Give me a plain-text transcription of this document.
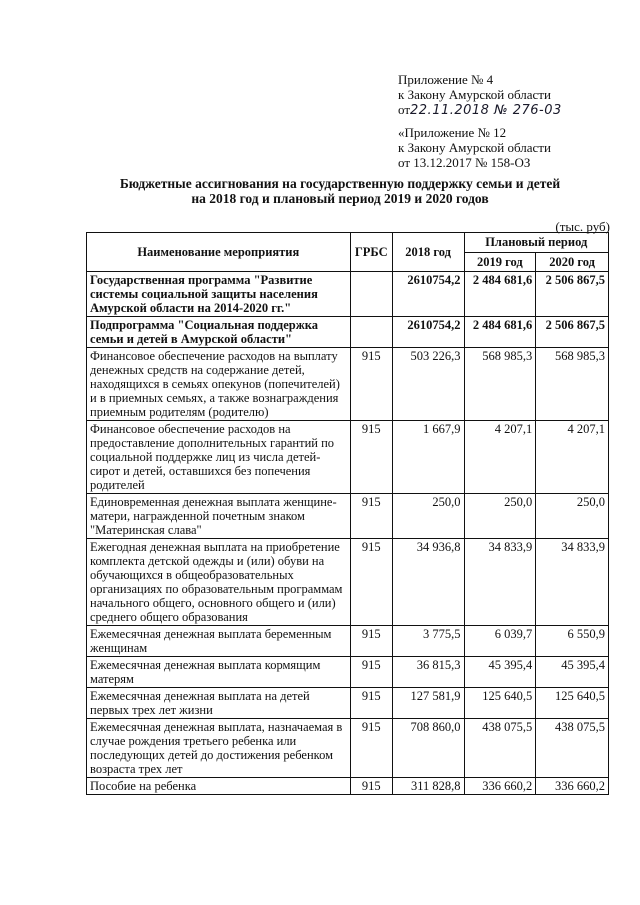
Приложение № 4
к Закону Амурской области
от22.11.2018 № 276-03
«Приложение № 12
к Закону Амурской области
от 13.12.2017 № 158-ОЗ
Бюджетные ассигнования на государственную поддержку семьи и детей
на 2018 год и плановый период 2019 и 2020 годов
(тыс. руб)
Наименование мероприятия	ГРБС	2018 год	Плановый период	
			2019 год	2020 год
Государственная программа "Развитие системы социальной защиты населения Амурской области на 2014-2020 гг."		2610754,2	2 484 681,6	2 506 867,5
Подпрограмма "Социальная поддержка семьи и детей в Амурской области"		2610754,2	2 484 681,6	2 506 867,5
Финансовое обеспечение расходов на выплату денежных средств на содержание детей, находящихся в семьях опекунов (попечителей) и в приемных семьях, а также вознаграждения приемным родителям (родителю)	915	503 226,3	568 985,3	568 985,3
Финансовое обеспечение расходов на предоставление дополнительных гарантий по социальной поддержке лиц из числа детей-сирот и детей, оставшихся без попечения родителей	915	1 667,9	4 207,1	4 207,1
Единовременная денежная выплата женщине-матери, награжденной почетным знаком "Материнская слава"	915	250,0	250,0	250,0
Ежегодная денежная выплата на приобретение комплекта детской одежды и (или) обуви на обучающихся в общеобразовательных организациях по образовательным программам начального общего, основного общего и (или) среднего общего образования	915	34 936,8	34 833,9	34 833,9
Ежемесячная денежная выплата беременным женщинам	915	3 775,5	6 039,7	6 550,9
Ежемесячная денежная выплата кормящим матерям	915	36 815,3	45 395,4	45 395,4
Ежемесячная денежная выплата на детей первых трех лет жизни	915	127 581,9	125 640,5	125 640,5
Ежемесячная денежная выплата, назначаемая в случае рождения третьего ребенка или последующих детей до достижения ребенком возраста трех лет	915	708 860,0	438 075,5	438 075,5
Пособие на ребенка	915	311 828,8	336 660,2	336 660,2
